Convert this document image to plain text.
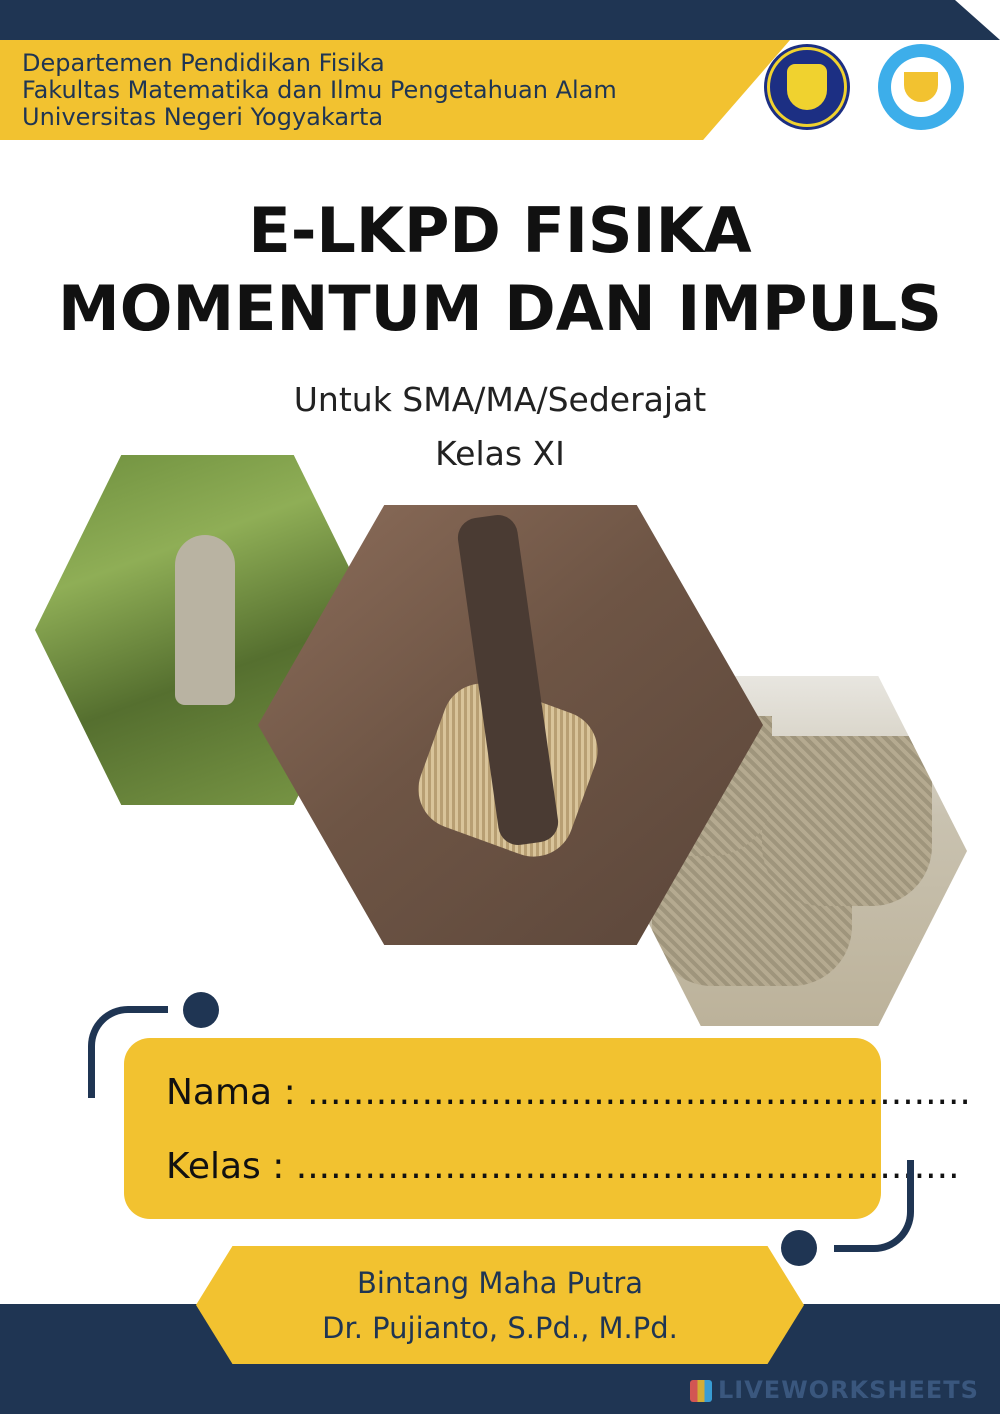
Departemen Pendidikan Fisika
Fakultas Matematika dan Ilmu Pengetahuan Alam
Universitas Negeri Yogyakarta
E-LKPD FISIKA
MOMENTUM DAN IMPULS
Untuk SMA/MA/Sederajat
Kelas XI
Nama : ..........................................................
Kelas : ..........................................................
Bintang Maha Putra
Dr. Pujianto, S.Pd., M.Pd.
LIVEWORKSHEETS
